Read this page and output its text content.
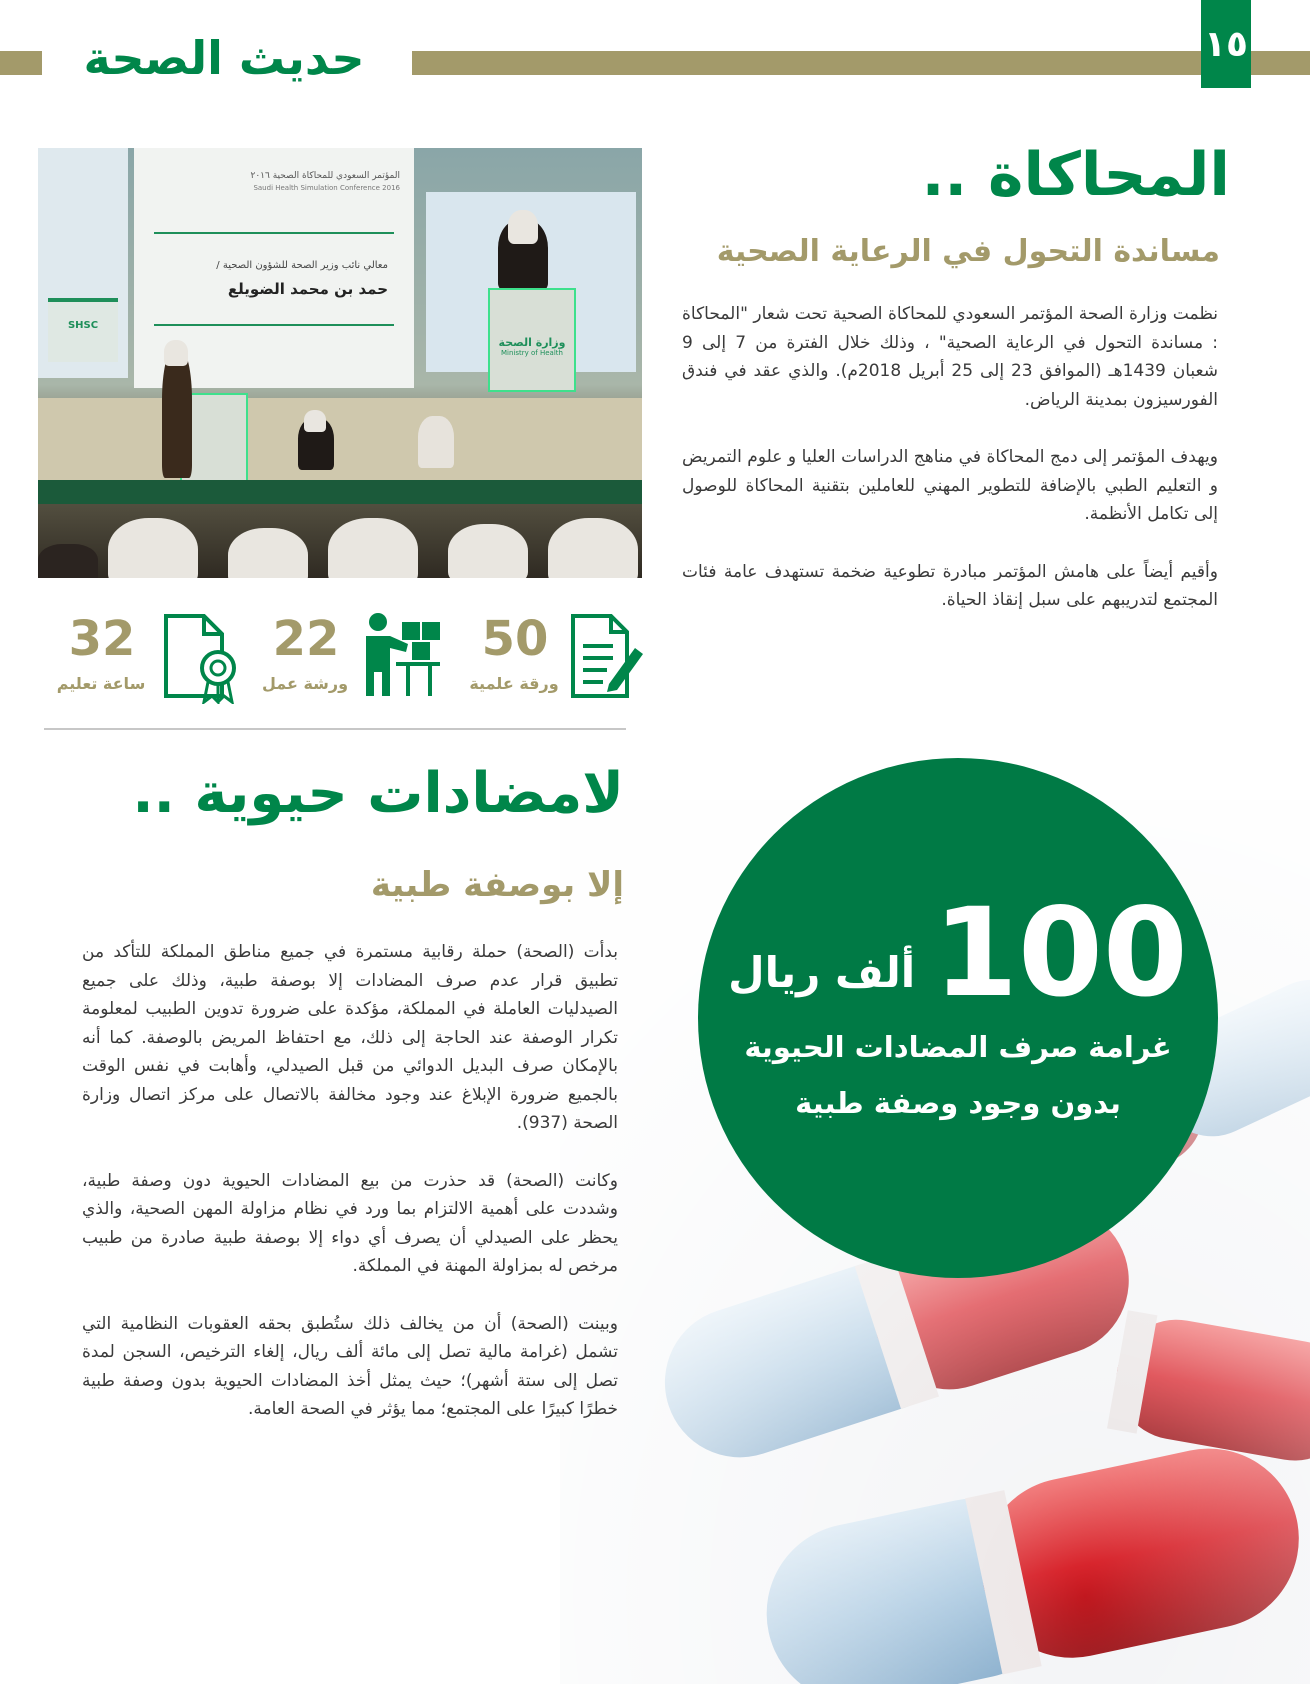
حديث الصحة	١٥
المؤتمر السعودي للمحاكاة الصحية ٢٠١٦
Saudi Health Simulation Conference 2016
معالي نائب وزير الصحة للشؤون الصحية /
حمد بن محمد الضويلع
SHSC
وزارة الصحة
Ministry of Health
المحاكاة ..
مساندة التحول في الرعاية الصحية

نظمت وزارة الصحة المؤتمر السعودي للمحاكاة الصحية تحت شعار "المحاكاة : مساندة التحول في الرعاية الصحية" ، وذلك خلال الفترة من 7 إلى 9 شعبان 1439هـ (الموافق 23 إلى 25 أبريل 2018م). والذي عقد في فندق الفورسيزون بمدينة الرياض.

ويهدف المؤتمر إلى دمج المحاكاة في مناهج الدراسات العليا و علوم التمريض و التعليم الطبي بالإضافة للتطوير المهني للعاملين بتقنية المحاكاة للوصول إلى تكامل الأنظمة.

وأقيم أيضاً على هامش المؤتمر مبادرة تطوعية ضخمة تستهدف عامة فئات المجتمع لتدريبهم على سبل إنقاذ الحياة.

50
ورقة علمية
22
ورشة عمل
32
ساعة تعليم
لامضادات حيوية ..
إلا بوصفة طبية

بدأت (الصحة) حملة رقابية مستمرة في جميع مناطق المملكة للتأكد من تطبيق قرار عدم صرف المضادات إلا بوصفة طبية، وذلك على جميع الصيدليات العاملة في المملكة، مؤكدة على ضرورة تدوين الطبيب لمعلومة تكرار الوصفة عند الحاجة إلى ذلك، مع احتفاظ المريض بالوصفة. كما أنه بالإمكان صرف البديل الدوائي من قبل الصيدلي، وأهابت في نفس الوقت بالجميع ضرورة الإبلاغ عند وجود مخالفة بالاتصال على مركز اتصال وزارة الصحة (937).

وكانت (الصحة) قد حذرت من بيع المضادات الحيوية دون وصفة طبية، وشددت على أهمية الالتزام بما ورد في نظام مزاولة المهن الصحية، والذي يحظر على الصيدلي أن يصرف أي دواء إلا بوصفة طبية صادرة من طبيب مرخص له بمزاولة المهنة في المملكة.

وبينت (الصحة) أن من يخالف ذلك ستُطبق بحقه العقوبات النظامية التي تشمل (غرامة مالية تصل إلى مائة ألف ريال، إلغاء الترخيص، السجن لمدة تصل إلى ستة أشهر)؛ حيث يمثل أخذ المضادات الحيوية بدون وصفة طبية خطرًا كبيرًا على المجتمع؛ مما يؤثر في الصحة العامة.

100
ألف ريال
غرامة صرف المضادات الحيوية
بدون وجود وصفة طبية
